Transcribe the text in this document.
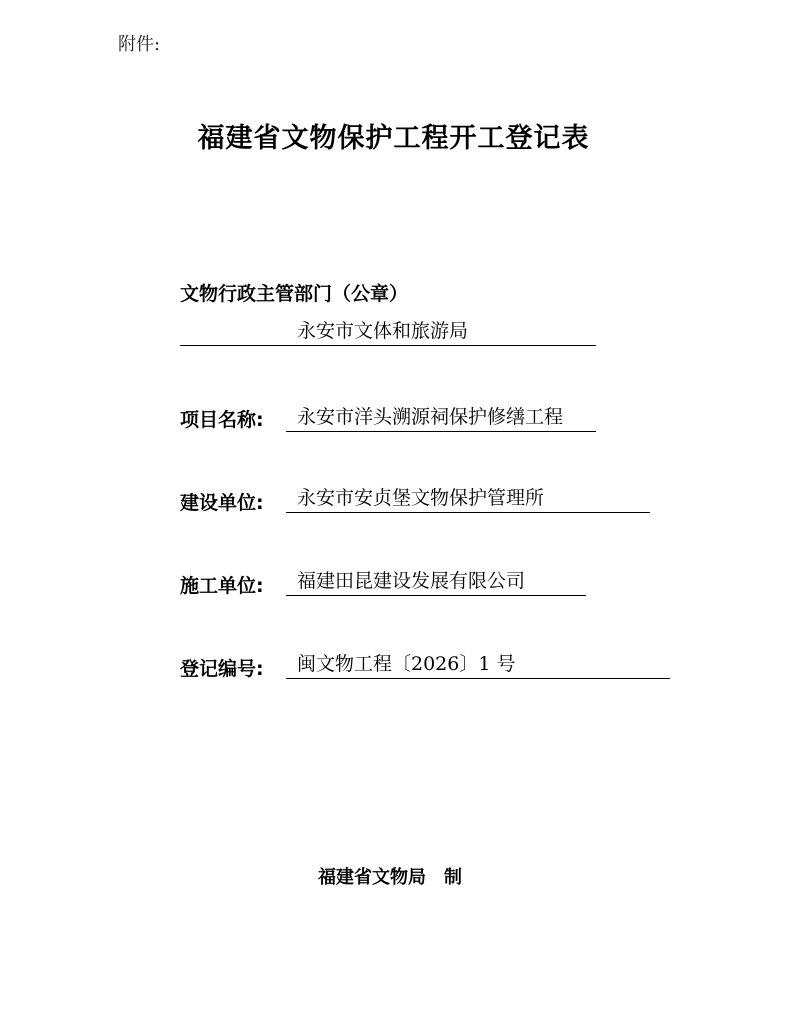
附件:
福建省文物保护工程开工登记表
文物行政主管部门（公章）
永安市文体和旅游局
项目名称: 永安市洋头溯源祠保护修缮工程
建设单位: 永安市安贞堡文物保护管理所
施工单位: 福建田昆建设发展有限公司
登记编号: 闽文物工程〔2026〕1 号
福建省文物局 制
